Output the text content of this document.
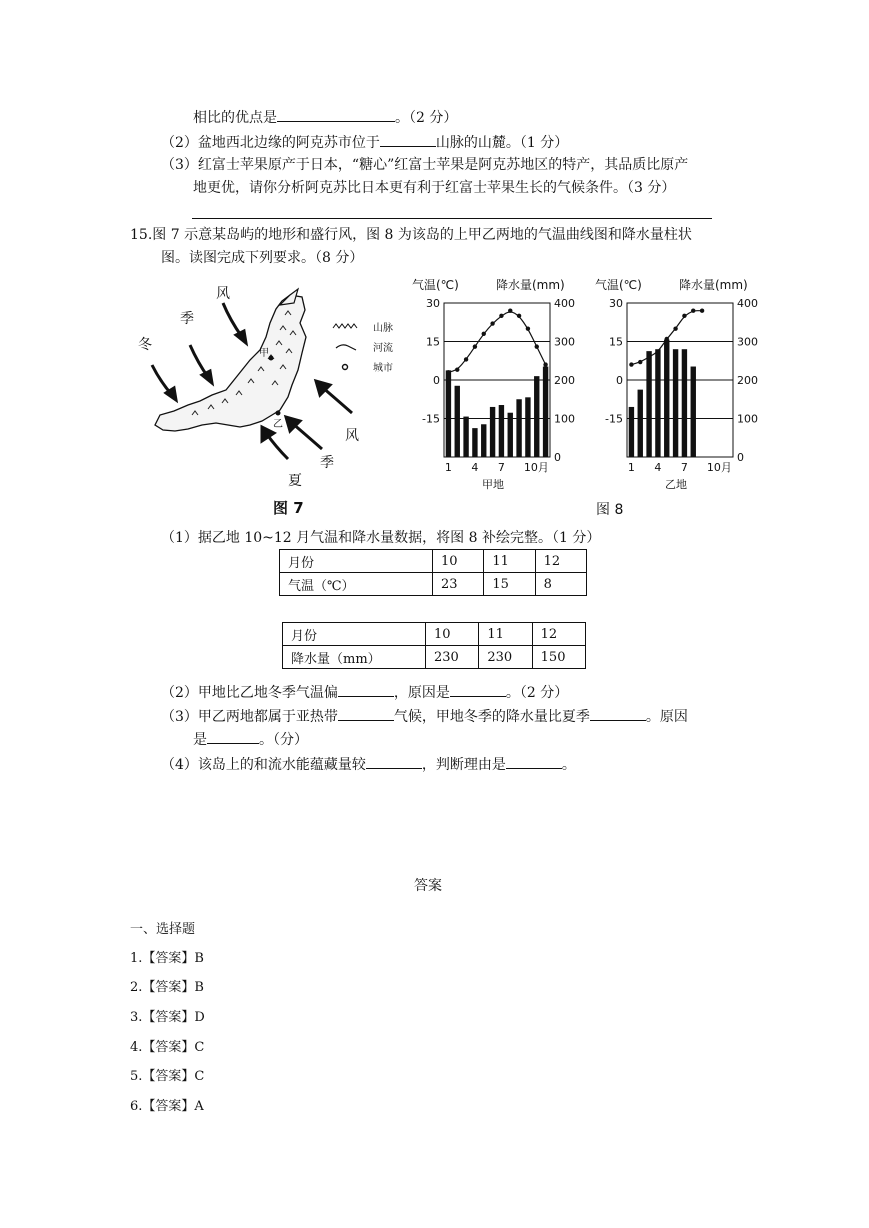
相比的优点是	。（2 分）
（2）盆地西北边缘的阿克苏市位于	山脉的山麓。（1 分）
（3）红富士苹果原产于日本，“糖心”红富士苹果是阿克苏地区的特产，其品质比原产
地更优，请你分析阿克苏比日本更有利于红富士苹果生长的气候条件。（3 分）
15.图 7 示意某岛屿的地形和盛行风，图 8 为该岛的上甲乙两地的气温曲线图和降水量柱状
图。读图完成下列要求。（8 分）
甲
乙
冬
季
风
夏
季
风
山脉
河流
城市
图 7
气温(℃)	降水量(mm)
30
15
0
-15
400
300
200
100
0
1 4 7 10月
甲地
气温(℃)	降水量(mm)
30
15
0
-15
400
300
200
100
0
1 4 7 10月
乙地
图 8
（1）据乙地 10~12 月气温和降水量数据，将图 8 补绘完整。（1 分）
月份	10	11	12
气温（℃）	23	15	8
月份	10	11	12
降水量（mm）	230	230	150
（2）甲地比乙地冬季气温偏	，原因是	。（2 分）
（3）甲乙两地都属于亚热带	气候，甲地冬季的降水量比夏季	。原因
是	。（分）
（4）该岛上的和流水能蕴藏量较	，判断理由是	。
答案
一、选择题
1.【答案】B
2.【答案】B
3.【答案】D
4.【答案】C
5.【答案】C
6.【答案】A
